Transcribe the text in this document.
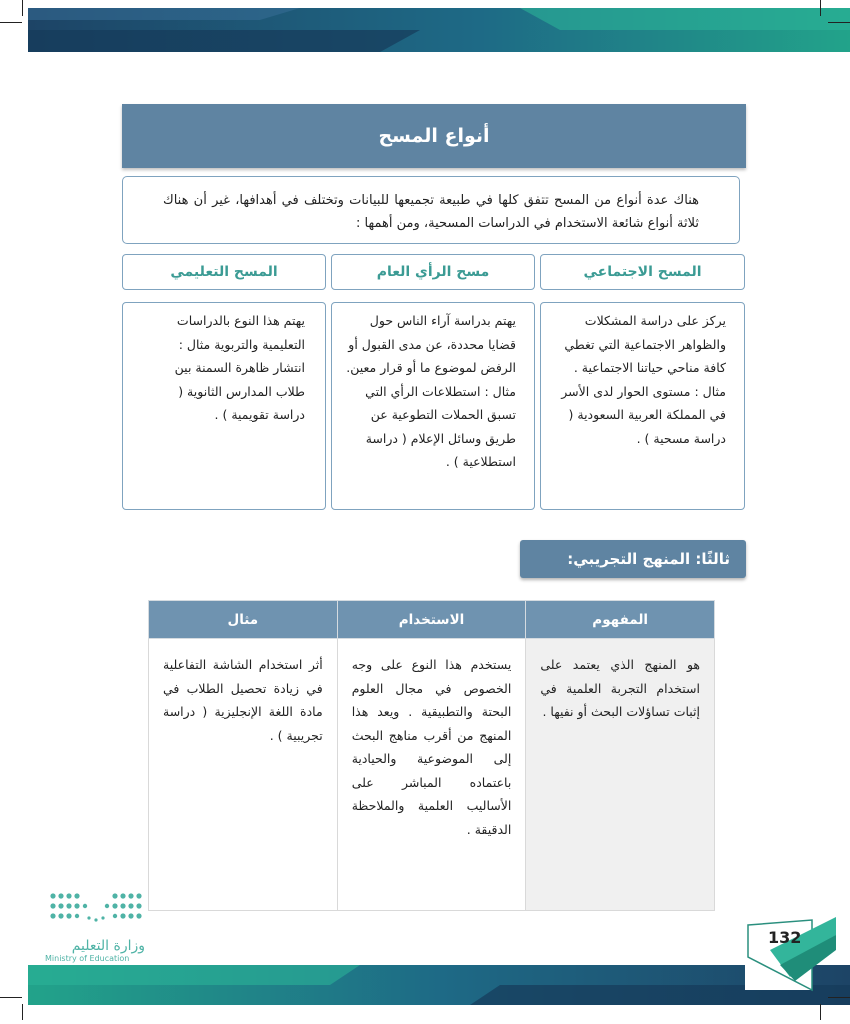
أنواع المسح
هناك عدة أنواع من المسح تتفق كلها في طبيعة تجميعها للبيانات وتختلف في أهدافها، غير أن هناك ثلاثة أنواع شائعة الاستخدام في الدراسات المسحية، ومن أهمها :
المسح الاجتماعي
مسح الرأي العام
المسح التعليمي
يركز على دراسة المشكلات والظواهر الاجتماعية التي تغطي كافة مناحي حياتنا الاجتماعية . مثال : مستوى الحوار لدى الأسر في المملكة العربية السعودية ( دراسة مسحية ) .
يهتم بدراسة آراء الناس حول قضايا محددة، عن مدى القبول أو الرفض لموضوع ما أو قرار معين. مثال : استطلاعات الرأي التي تسبق الحملات التطوعية عن طريق وسائل الإعلام ( دراسة استطلاعية ) .
يهتم هذا النوع بالدراسات التعليمية والتربوية مثال : انتشار ظاهرة السمنة بين طلاب المدارس الثانوية ( دراسة تقويمية ) .
ثالثًا: المنهج التجريبي:
المفهوم	الاستخدام	مثال
هو المنهج الذي يعتمد على استخدام التجربة العلمية في إثبات تساؤلات البحث أو نفيها .	يستخدم هذا النوع على وجه الخصوص في مجال العلوم البحتة والتطبيقية . ويعد هذا المنهج من أقرب مناهج البحث إلى الموضوعية والحيادية باعتماده المباشر على الأساليب العلمية والملاحظة الدقيقة .	أثر استخدام الشاشة التفاعلية في زيادة تحصيل الطلاب في مادة اللغة الإنجليزية ( دراسة تجريبية ) .
وزارة التعليم
Ministry of Education
132
